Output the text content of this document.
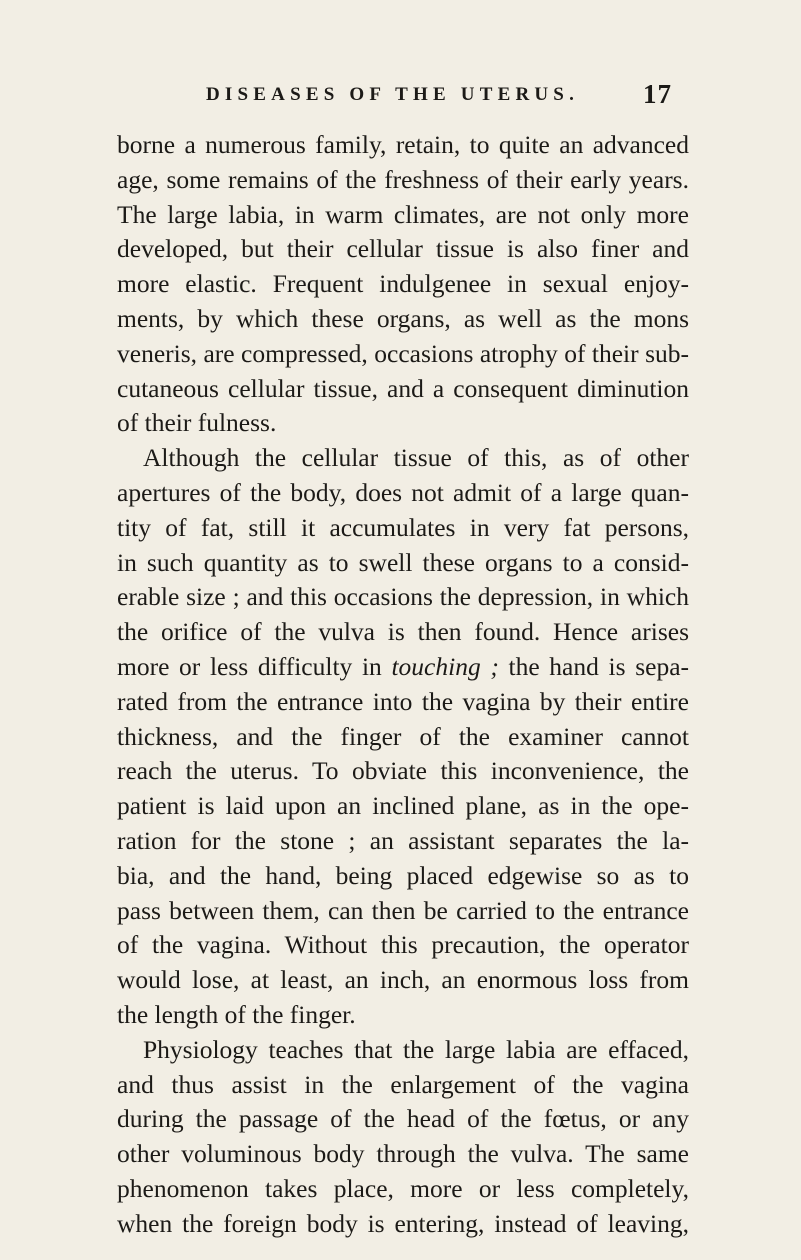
DISEASES OF THE UTERUS. 17
borne a numerous family, retain, to quite an advanced
age, some remains of the freshness of their early years.
The large labia, in warm climates, are not only more
developed, but their cellular tissue is also finer and
more elastic. Frequent indulgenee in sexual enjoy-
ments, by which these organs, as well as the mons
veneris, are compressed, occasions atrophy of their sub-
cutaneous cellular tissue, and a consequent diminution
of their fulness.
Although the cellular tissue of this, as of other
apertures of the body, does not admit of a large quan-
tity of fat, still it accumulates in very fat persons,
in such quantity as to swell these organs to a consid-
erable size ; and this occasions the depression, in which
the orifice of the vulva is then found. Hence arises
more or less difficulty in touching ; the hand is sepa-
rated from the entrance into the vagina by their entire
thickness, and the finger of the examiner cannot
reach the uterus. To obviate this inconvenience, the
patient is laid upon an inclined plane, as in the ope-
ration for the stone ; an assistant separates the la-
bia, and the hand, being placed edgewise so as to
pass between them, can then be carried to the entrance
of the vagina. Without this precaution, the operator
would lose, at least, an inch, an enormous loss from
the length of the finger.
Physiology teaches that the large labia are effaced,
and thus assist in the enlargement of the vagina
during the passage of the head of the fœtus, or any
other voluminous body through the vulva. The same
phenomenon takes place, more or less completely,
when the foreign body is entering, instead of leaving,
